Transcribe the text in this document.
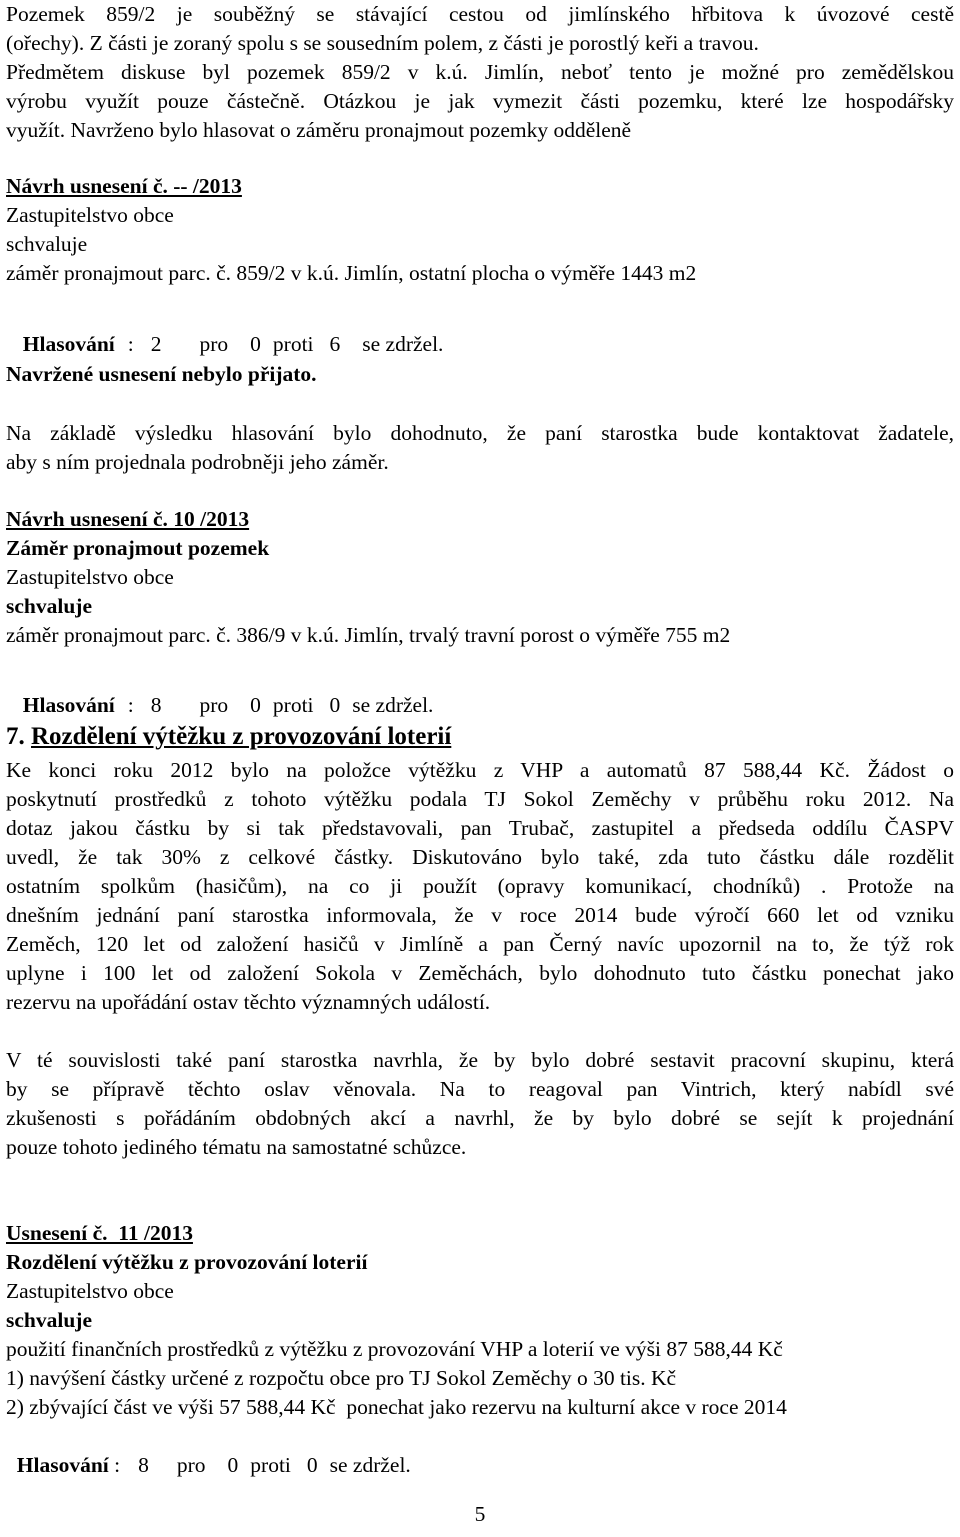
Pozemek 859/2 je souběžný se stávající cestou od jimlínského hřbitova k úvozové cestě
(ořechy). Z části je zoraný spolu s se sousedním polem, z části je porostlý keři a travou.
Předmětem diskuse byl pozemek 859/2 v k.ú. Jimlín, neboť tento je možné pro zemědělskou
výrobu využít pouze částečně. Otázkou je jak vymezit části pozemku, které lze hospodářsky
využít. Navrženo bylo hlasovat o záměru pronajmout pozemky odděleně
Návrh usnesení č. -- /2013
Zastupitelstvo obce
schvaluje
záměr pronajmout parc. č. 859/2 v k.ú. Jimlín, ostatní plocha o výměře 1443 m2

Hlasování : 2 pro 0 proti 6 se zdržel.

Navržené usnesení nebylo přijato.
Na základě výsledku hlasování bylo dohodnuto, že paní starostka bude kontaktovat žadatele,
aby s ním projednala podrobněji jeho záměr.
Návrh usnesení č. 10 /2013
Záměr pronajmout pozemek
Zastupitelstvo obce
schvaluje
záměr pronajmout parc. č. 386/9 v k.ú. Jimlín, trvalý travní porost o výměře 755 m2

Hlasování : 8 pro 0 proti 0 se zdržel.

7. Rozdělení výtěžku z provozování loterií
Ke konci roku 2012 bylo na položce výtěžku z VHP a automatů 87 588,44 Kč. Žádost o
poskytnutí prostředků z tohoto výtěžku podala TJ Sokol Zeměchy v průběhu roku 2012. Na
dotaz jakou částku by si tak představovali, pan Trubač, zastupitel a předseda oddílu ČASPV
uvedl, že tak 30% z celkové částky. Diskutováno bylo také, zda tuto částku dále rozdělit
ostatním spolkům (hasičům), na co ji použít (opravy komunikací, chodníků) . Protože na
dnešním jednání paní starostka informovala, že v roce 2014 bude výročí 660 let od vzniku
Zeměch, 120 let od založení hasičů v Jimlíně a pan Černý navíc upozornil na to, že týž rok
uplyne i 100 let od založení Sokola v Zeměchách, bylo dohodnuto tuto částku ponechat jako
rezervu na upořádání ostav těchto významných událostí.
V té souvislosti také paní starostka navrhla, že by bylo dobré sestavit pracovní skupinu, která
by se přípravě těchto oslav věnovala. Na to reagoval pan Vintrich, který nabídl své
zkušenosti s pořádáním obdobných akcí a navrhl, že by bylo dobré se sejít k projednání
pouze tohoto jediného tématu na samostatné schůzce.
Usnesení č.  11 /2013
Rozdělení výtěžku z provozování loterií
Zastupitelstvo obce
schvaluje
použití finančních prostředků z výtěžku z provozování VHP a loterií ve výši 87 588,44 Kč
1) navýšení částky určené z rozpočtu obce pro TJ Sokol Zeměchy o 30 tis. Kč
2) zbývající část ve výši 57 588,44 Kč  ponechat jako rezervu na kulturní akce v roce 2014

Hlasování : 8 pro 0 proti 0 se zdržel.

5
